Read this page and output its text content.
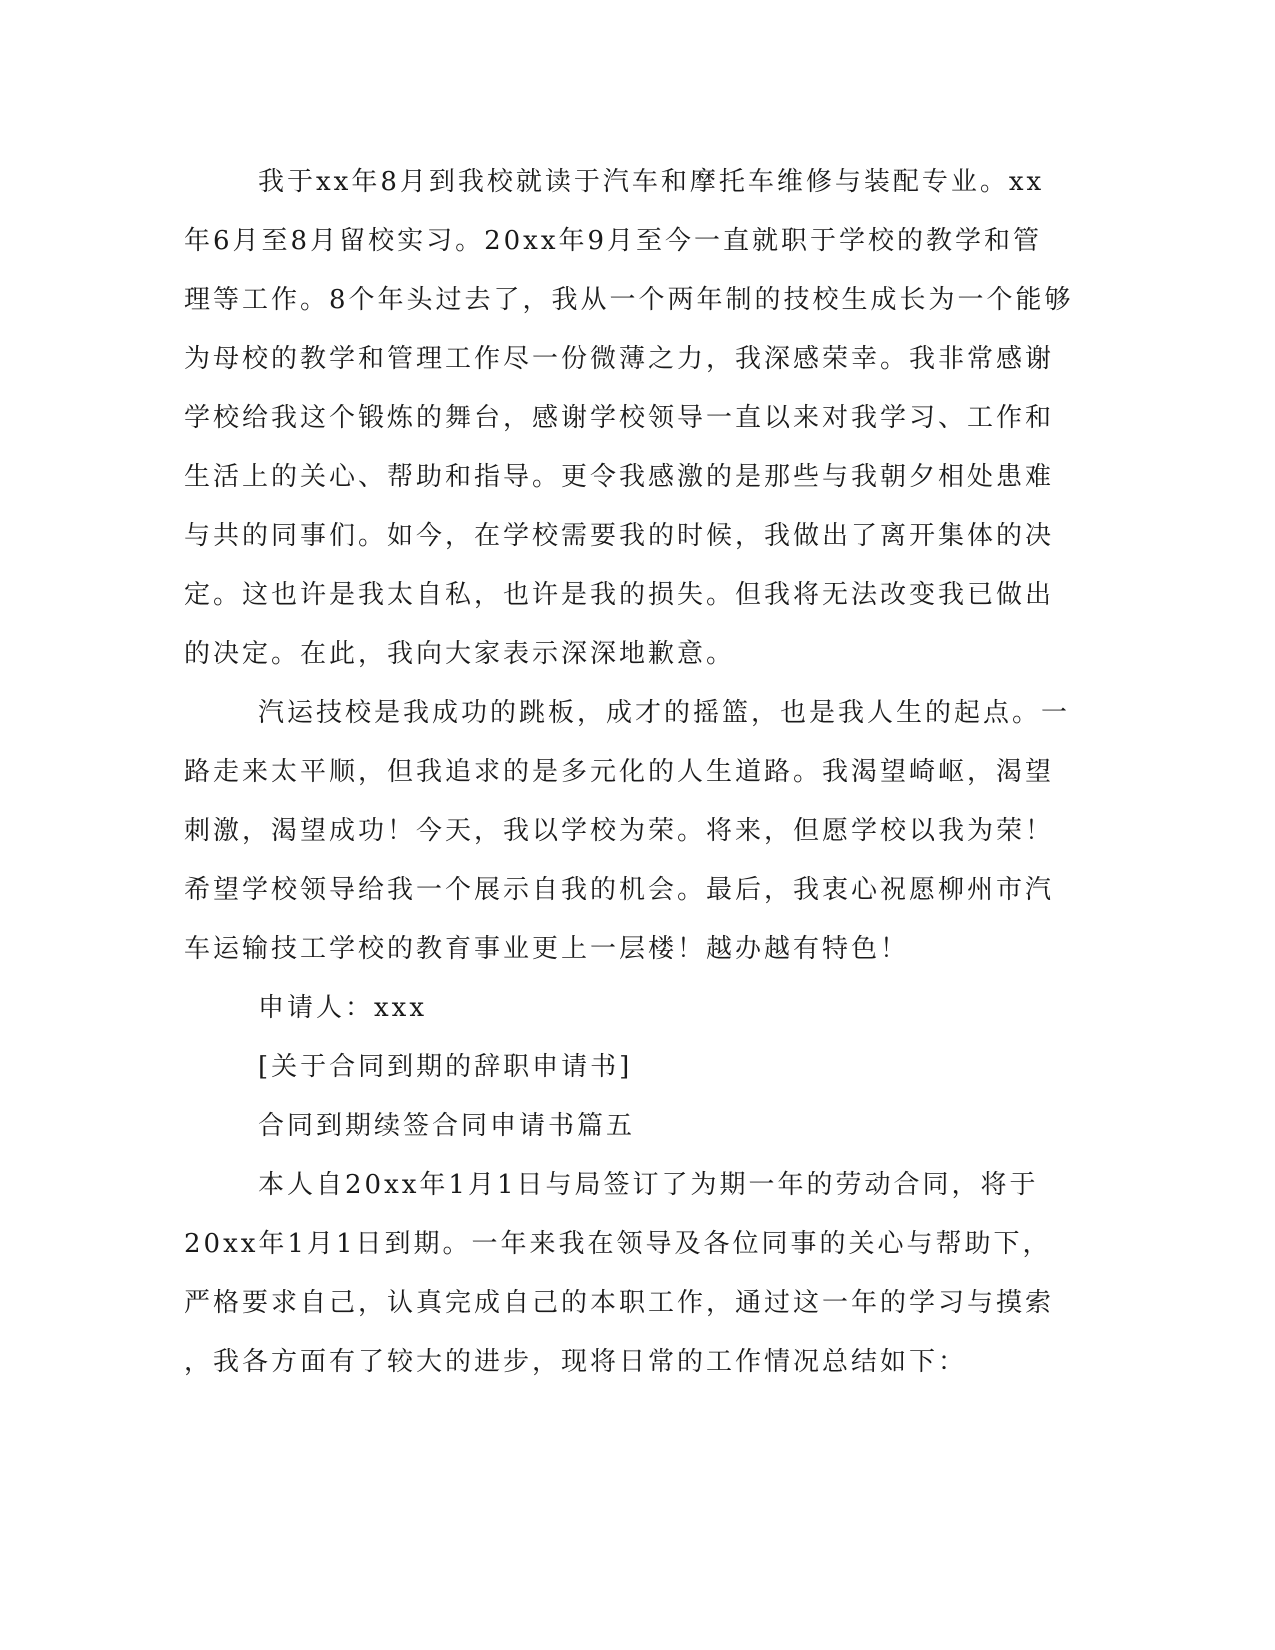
我于xx年8月到我校就读于汽车和摩托车维修与装配专业。xx
年6月至8月留校实习。20xx年9月至今一直就职于学校的教学和管
理等工作。8个年头过去了，我从一个两年制的技校生成长为一个能够
为母校的教学和管理工作尽一份微薄之力，我深感荣幸。我非常感谢
学校给我这个锻炼的舞台，感谢学校领导一直以来对我学习、工作和
生活上的关心、帮助和指导。更令我感激的是那些与我朝夕相处患难
与共的同事们。如今，在学校需要我的时候，我做出了离开集体的决
定。这也许是我太自私，也许是我的损失。但我将无法改变我已做出
的决定。在此，我向大家表示深深地歉意。
汽运技校是我成功的跳板，成才的摇篮，也是我人生的起点。一
路走来太平顺，但我追求的是多元化的人生道路。我渴望崎岖，渴望
刺激，渴望成功！今天，我以学校为荣。将来，但愿学校以我为荣！
希望学校领导给我一个展示自我的机会。最后，我衷心祝愿柳州市汽
车运输技工学校的教育事业更上一层楼！越办越有特色！
申请人：xxx
[关于合同到期的辞职申请书]
合同到期续签合同申请书篇五
本人自20xx年1月1日与局签订了为期一年的劳动合同，将于
20xx年1月1日到期。一年来我在领导及各位同事的关心与帮助下，
严格要求自己，认真完成自己的本职工作，通过这一年的学习与摸索
，我各方面有了较大的进步，现将日常的工作情况总结如下：
